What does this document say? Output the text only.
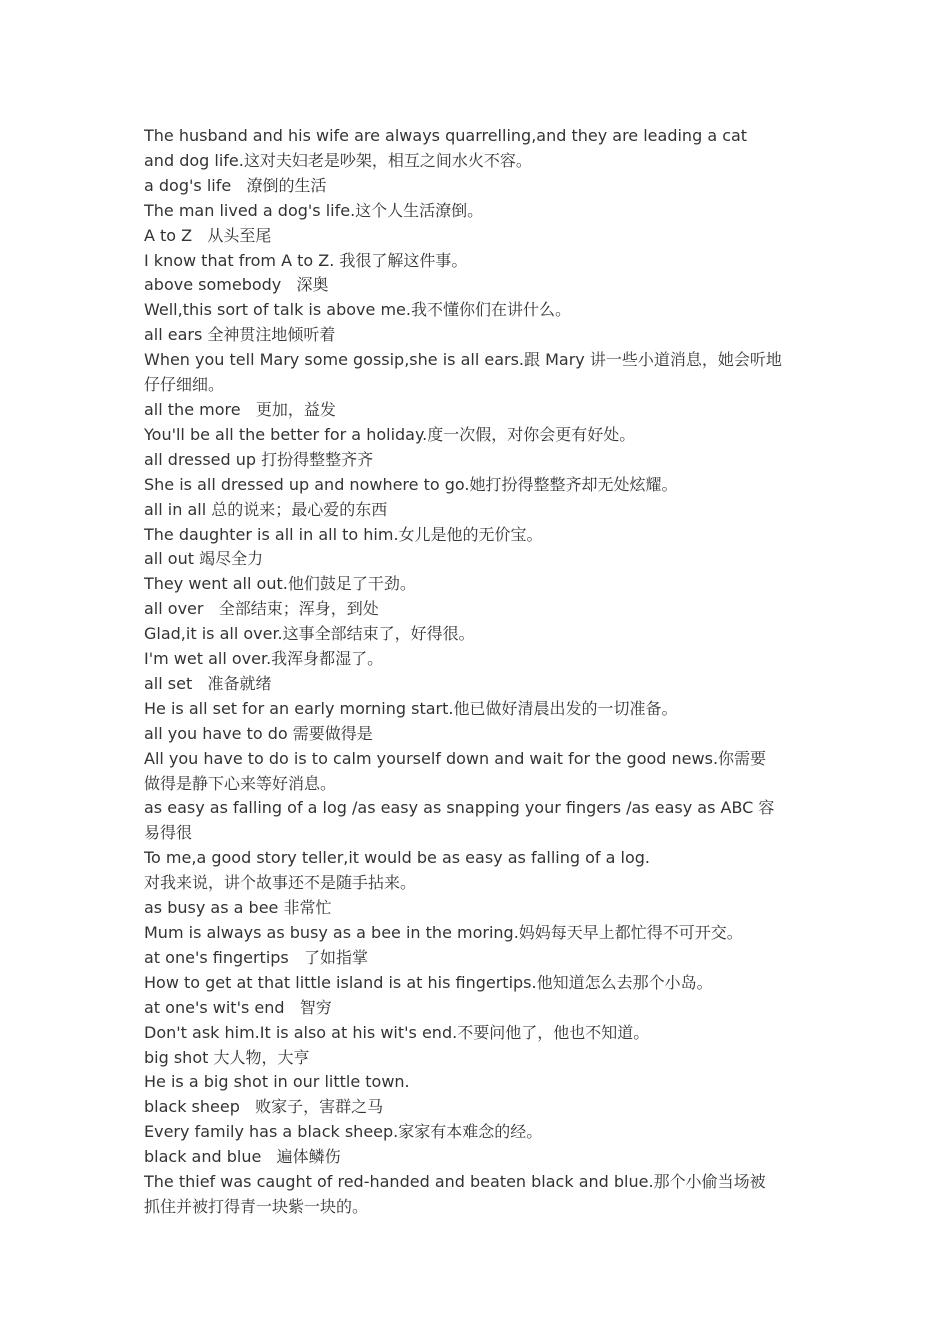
The husband and his wife are always quarrelling,and they are leading a cat

and dog life.这对夫妇老是吵架，相互之间水火不容。

a dog's life   潦倒的生活

The man lived a dog's life.这个人生活潦倒。

A to Z   从头至尾

I know that from A to Z. 我很了解这件事。

above somebody   深奥

Well,this sort of talk is above me.我不懂你们在讲什么。

all ears 全神贯注地倾听着

When you tell Mary some gossip,she is all ears.跟 Mary 讲一些小道消息，她会听地

仔仔细细。

all the more   更加，益发

You'll be all the better for a holiday.度一次假，对你会更有好处。

all dressed up 打扮得整整齐齐

She is all dressed up and nowhere to go.她打扮得整整齐却无处炫耀。

all in all 总的说来；最心爱的东西

The daughter is all in all to him.女儿是他的无价宝。

all out 竭尽全力

They went all out.他们鼓足了干劲。

all over   全部结束；浑身，到处

Glad,it is all over.这事全部结束了，好得很。

I'm wet all over.我浑身都湿了。

all set   准备就绪

He is all set for an early morning start.他已做好清晨出发的一切准备。

all you have to do 需要做得是

All you have to do is to calm yourself down and wait for the good news.你需要

做得是静下心来等好消息。

as easy as falling of a log /as easy as snapping your fingers /as easy as ABC 容

易得很

To me,a good story teller,it would be as easy as falling of a log.

对我来说，讲个故事还不是随手拈来。

as busy as a bee 非常忙

Mum is always as busy as a bee in the moring.妈妈每天早上都忙得不可开交。

at one's fingertips   了如指掌

How to get at that little island is at his fingertips.他知道怎么去那个小岛。

at one's wit's end   智穷

Don't ask him.It is also at his wit's end.不要问他了，他也不知道。

big shot 大人物，大亨

He is a big shot in our little town.

black sheep   败家子，害群之马

Every family has a black sheep.家家有本难念的经。

black and blue   遍体鳞伤

The thief was caught of red-handed and beaten black and blue.那个小偷当场被

抓住并被打得青一块紫一块的。
